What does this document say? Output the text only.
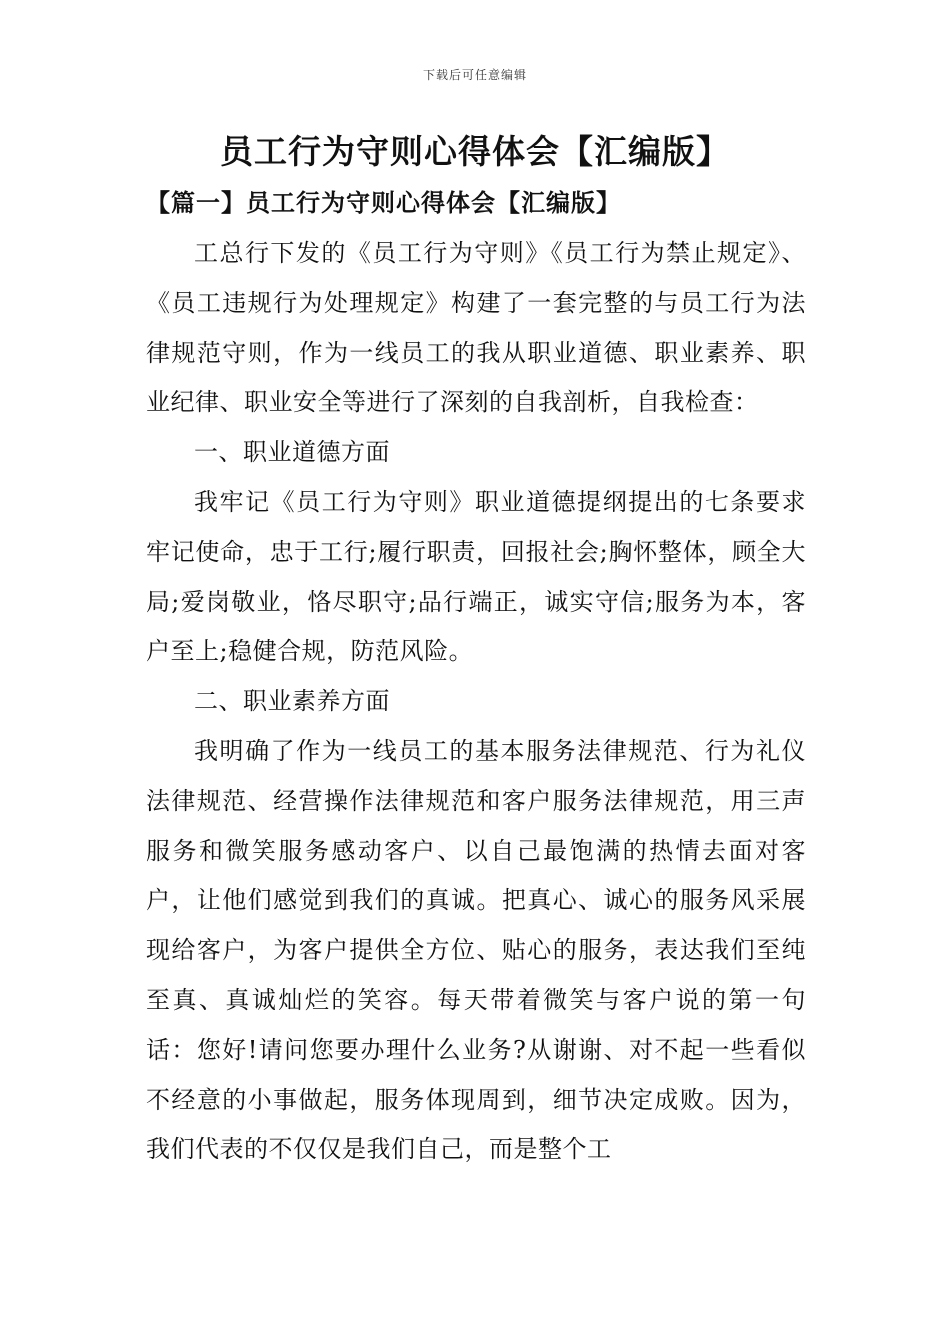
下载后可任意编辑
员工行为守则心得体会【汇编版】
【篇一】员工行为守则心得体会【汇编版】

工总行下发的《员工行为守则》《员工行为禁止规定》、《员工违规行为处理规定》构建了一套完整的与员工行为法律规范守则，作为一线员工的我从职业道德、职业素养、职业纪律、职业安全等进行了深刻的自我剖析，自我检查：

一、职业道德方面

我牢记《员工行为守则》职业道德提纲提出的七条要求牢记使命，忠于工行;履行职责，回报社会;胸怀整体，顾全大局;爱岗敬业，恪尽职守;品行端正，诚实守信;服务为本，客户至上;稳健合规，防范风险。

二、职业素养方面

我明确了作为一线员工的基本服务法律规范、行为礼仪法律规范、经营操作法律规范和客户服务法律规范，用三声服务和微笑服务感动客户、以自己最饱满的热情去面对客户，让他们感觉到我们的真诚。把真心、诚心的服务风采展现给客户，为客户提供全方位、贴心的服务，表达我们至纯至真、真诚灿烂的笑容。每天带着微笑与客户说的第一句话：您好!请问您要办理什么业务?从谢谢、对不起一些看似不经意的小事做起，服务体现周到，细节决定成败。因为，我们代表的不仅仅是我们自己，而是整个工
